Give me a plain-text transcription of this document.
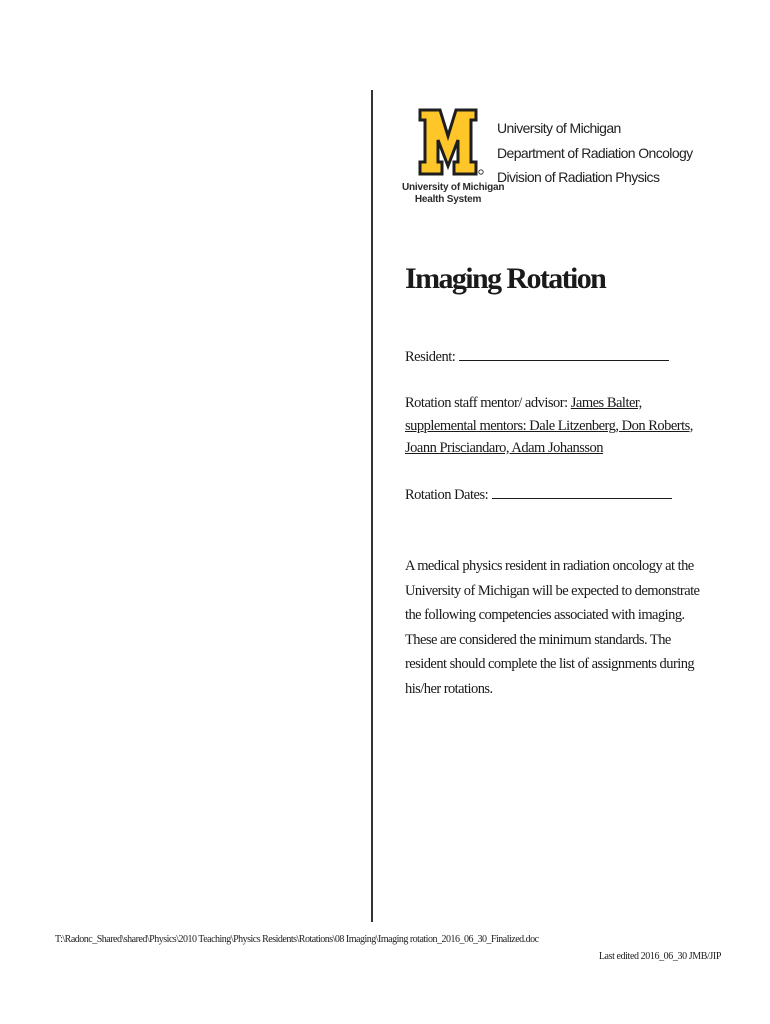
University of Michigan
Health System
University of Michigan
Department of Radiation Oncology
Division of Radiation Physics
Imaging Rotation
Resident:
Rotation staff mentor/ advisor: James Balter, supplemental mentors: Dale Litzenberg, Don Roberts, Joann Prisciandaro, Adam Johansson
Rotation Dates:

A medical physics resident in radiation oncology at the University of Michigan will be expected to demonstrate the following competencies associated with imaging. These are considered the minimum standards. The resident should complete the list of assignments during his/her rotations.

T:\Radonc_Shared\shared\Physics\2010 Teaching\Physics Residents\Rotations\08 Imaging\Imaging rotation_2016_06_30_Finalized.doc
Last edited 2016_06_30 JMB/JIP
